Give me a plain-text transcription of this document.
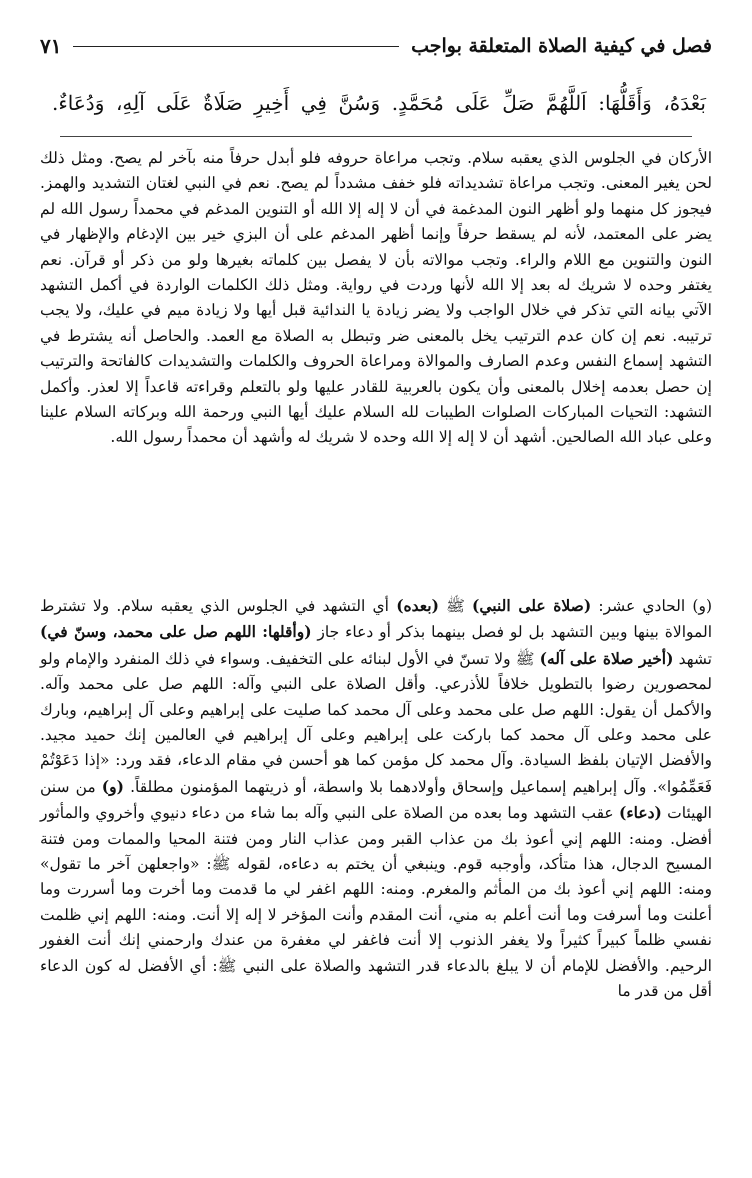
فصل في كيفية الصلاة المتعلقة بواجب
٧١
بَعْدَهُ، وَأَقَلُّهَا: اَللَّهُمَّ صَلِّ عَلَى مُحَمَّدٍ. وَسُنَّ فِي أَخِيرِ صَلَاةٌ عَلَى آلِهِ، وَدُعَاءٌ.

الأركان في الجلوس الذي يعقبه سلام. وتجب مراعاة حروفه فلو أبدل حرفاً منه بآخر لم يصح. ومثل ذلك لحن يغير المعنى. وتجب مراعاة تشديداته فلو خفف مشدداً لم يصح. نعم في النبي لغتان التشديد والهمز. فيجوز كل منهما ولو أظهر النون المدغمة في أن لا إله إلا الله أو التنوين المدغم في محمداً رسول الله لم يضر على المعتمد، لأنه لم يسقط حرفاً وإنما أظهر المدغم على أن البزي خير بين الإدغام والإظهار في النون والتنوين مع اللام والراء. وتجب موالاته بأن لا يفصل بين كلماته بغيرها ولو من ذكر أو قرآن. نعم يغتفر وحده لا شريك له بعد إلا الله لأنها وردت في رواية. ومثل ذلك الكلمات الواردة في أكمل التشهد الآتي بيانه التي تذكر في خلال الواجب ولا يضر زيادة يا الندائية قبل أيها ولا زيادة ميم في عليك، ولا يجب ترتيبه. نعم إن كان عدم الترتيب يخل بالمعنى ضر وتبطل به الصلاة مع العمد. والحاصل أنه يشترط في التشهد إسماع النفس وعدم الصارف والموالاة ومراعاة الحروف والكلمات والتشديدات كالفاتحة والترتيب إن حصل بعدمه إخلال بالمعنى وأن يكون بالعربية للقادر عليها ولو بالتعلم وقراءته قاعداً إلا لعذر. وأكمل التشهد: التحيات المباركات الصلوات الطيبات لله السلام عليك أيها النبي ورحمة الله وبركاته السلام علينا وعلى عباد الله الصالحين. أشهد أن لا إله إلا الله وحده لا شريك له وأشهد أن محمداً رسول الله.

(و) الحادي عشر: (صلاة على النبي) ﷺ (بعده) أي التشهد في الجلوس الذي يعقبه سلام. ولا تشترط الموالاة بينها وبين التشهد بل لو فصل بينهما بذكر أو دعاء جاز (وأقلها: اللهم صل على محمد، وسنّ في) تشهد (أخير صلاة على آله) ﷺ ولا تسنّ في الأول لبنائه على التخفيف. وسواء في ذلك المنفرد والإمام ولو لمحصورين رضوا بالتطويل خلافاً للأذرعي. وأقل الصلاة على النبي وآله: اللهم صل على محمد وآله. والأكمل أن يقول: اللهم صل على محمد وعلى آل محمد كما صليت على إبراهيم وعلى آل إبراهيم، وبارك على محمد وعلى آل محمد كما باركت على إبراهيم وعلى آل إبراهيم في العالمين إنك حميد مجيد. والأفضل الإتيان بلفظ السيادة. وآل محمد كل مؤمن كما هو أحسن في مقام الدعاء، فقد ورد: «إذا دَعَوْتُمْ فَعَمِّمُوا». وآل إبراهيم إسماعيل وإسحاق وأولادهما بلا واسطة، أو ذريتهما المؤمنون مطلقاً. (و) من سنن الهيئات (دعاء) عقب التشهد وما بعده من الصلاة على النبي وآله بما شاء من دعاء دنيوي وأخروي والمأثور أفضل. ومنه: اللهم إني أعوذ بك من عذاب القبر ومن عذاب النار ومن فتنة المحيا والممات ومن فتنة المسيح الدجال، هذا متأكد، وأوجبه قوم. وينبغي أن يختم به دعاءه، لقوله ﷺ: «واجعلهن آخر ما تقول» ومنه: اللهم إني أعوذ بك من المأثم والمغرم. ومنه: اللهم اغفر لي ما قدمت وما أخرت وما أسررت وما أعلنت وما أسرفت وما أنت أعلم به مني، أنت المقدم وأنت المؤخر لا إله إلا أنت. ومنه: اللهم إني ظلمت نفسي ظلماً كبيراً كثيراً ولا يغفر الذنوب إلا أنت فاغفر لي مغفرة من عندك وارحمني إنك أنت الغفور الرحيم. والأفضل للإمام أن لا يبلغ بالدعاء قدر التشهد والصلاة على النبي ﷺ: أي الأفضل له كون الدعاء أقل من قدر ما
